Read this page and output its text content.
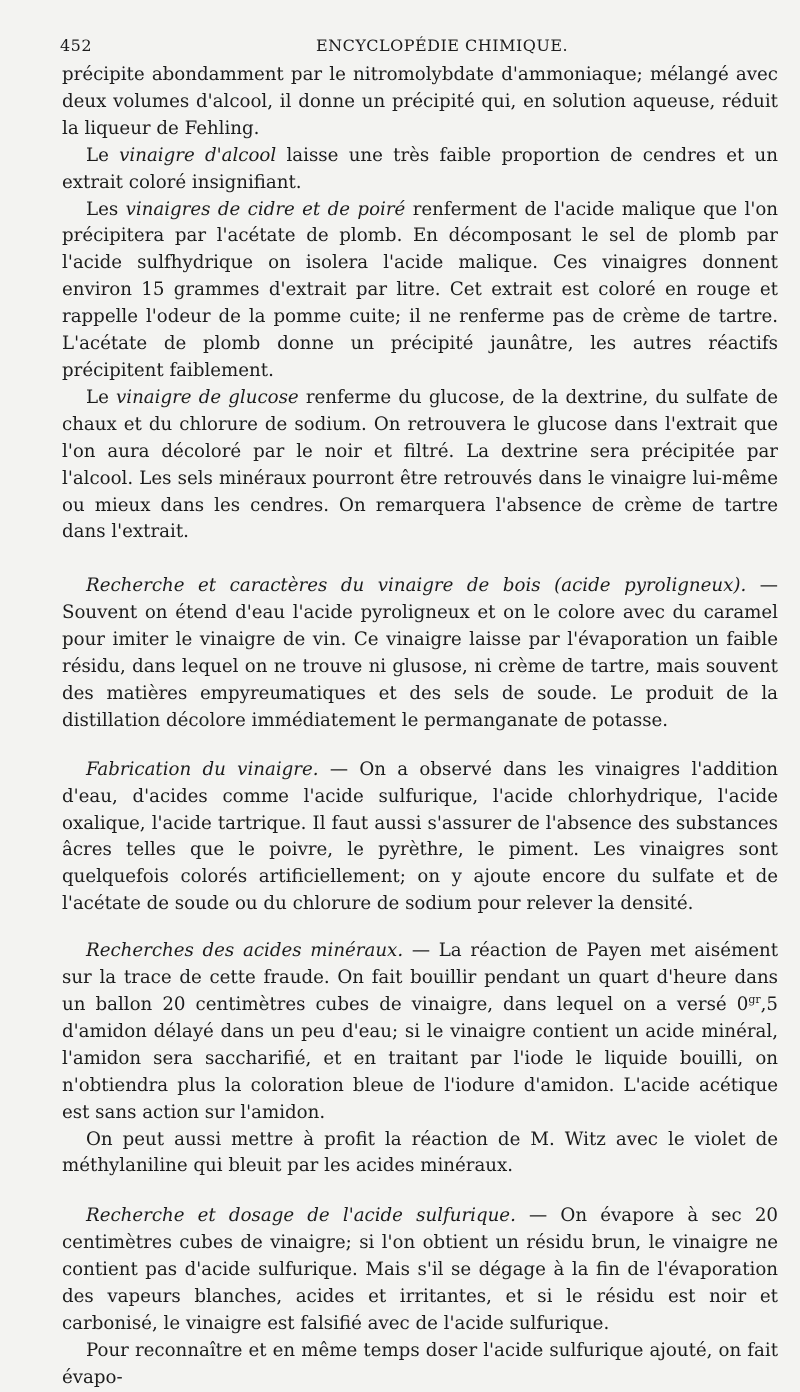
452	ENCYCLOPÉDIE CHIMIQUE.

précipite abondamment par le nitromolybdate d'ammoniaque; mélangé avec deux volumes d'alcool, il donne un précipité qui, en solution aqueuse, réduit la liqueur de Fehling.

Le vinaigre d'alcool laisse une très faible proportion de cendres et un extrait coloré insignifiant.

Les vinaigres de cidre et de poiré renferment de l'acide malique que l'on précipitera par l'acétate de plomb. En décomposant le sel de plomb par l'acide sulfhydrique on isolera l'acide malique. Ces vinaigres donnent environ 15 grammes d'extrait par litre. Cet extrait est coloré en rouge et rappelle l'odeur de la pomme cuite; il ne renferme pas de crème de tartre. L'acétate de plomb donne un précipité jaunâtre, les autres réactifs précipitent faiblement.

Le vinaigre de glucose renferme du glucose, de la dextrine, du sulfate de chaux et du chlorure de sodium. On retrouvera le glucose dans l'extrait que l'on aura décoloré par le noir et filtré. La dextrine sera précipitée par l'alcool. Les sels minéraux pourront être retrouvés dans le vinaigre lui-même ou mieux dans les cendres. On remarquera l'absence de crème de tartre dans l'extrait.

Recherche et caractères du vinaigre de bois (acide pyroligneux). — Souvent on étend d'eau l'acide pyroligneux et on le colore avec du caramel pour imiter le vinaigre de vin. Ce vinaigre laisse par l'évaporation un faible résidu, dans lequel on ne trouve ni glusose, ni crème de tartre, mais souvent des matières empyreumatiques et des sels de soude. Le produit de la distillation décolore immédiatement le permanganate de potasse.

Fabrication du vinaigre. — On a observé dans les vinaigres l'addition d'eau, d'acides comme l'acide sulfurique, l'acide chlorhydrique, l'acide oxalique, l'acide tartrique. Il faut aussi s'assurer de l'absence des substances âcres telles que le poivre, le pyrèthre, le piment. Les vinaigres sont quelquefois colorés artificiellement; on y ajoute encore du sulfate et de l'acétate de soude ou du chlorure de sodium pour relever la densité.

Recherches des acides minéraux. — La réaction de Payen met aisément sur la trace de cette fraude. On fait bouillir pendant un quart d'heure dans un ballon 20 centimètres cubes de vinaigre, dans lequel on a versé $0^{gr},5$ d'amidon délayé dans un peu d'eau; si le vinaigre contient un acide minéral, l'amidon sera saccharifié, et en traitant par l'iode le liquide bouilli, on n'obtiendra plus la coloration bleue de l'iodure d'amidon. L'acide acétique est sans action sur l'amidon.

On peut aussi mettre à profit la réaction de M. Witz avec le violet de méthylaniline qui bleuit par les acides minéraux.

Recherche et dosage de l'acide sulfurique. — On évapore à sec 20 centimètres cubes de vinaigre; si l'on obtient un résidu brun, le vinaigre ne contient pas d'acide sulfurique. Mais s'il se dégage à la fin de l'évaporation des vapeurs blanches, acides et irritantes, et si le résidu est noir et carbonisé, le vinaigre est falsifié avec de l'acide sulfurique.

Pour reconnaître et en même temps doser l'acide sulfurique ajouté, on fait évapo-
